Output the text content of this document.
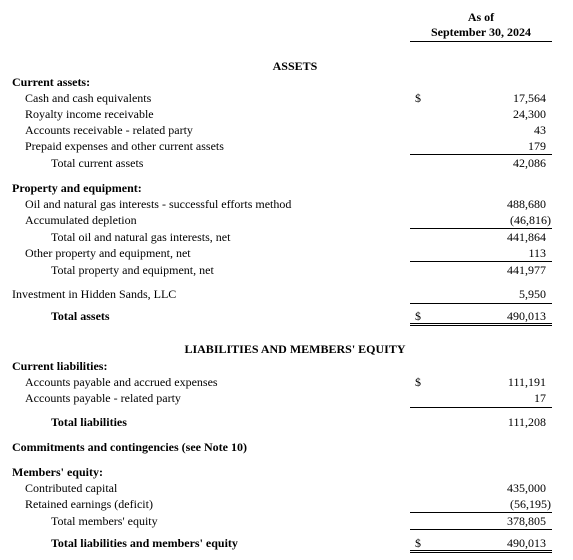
As of
September 30, 2024
ASSETS
Current assets:
Cash and cash equivalents	$	17,564
Royalty income receivable	24,300
Accounts receivable - related party	43
Prepaid expenses and other current assets	179
Total current assets	42,086
Property and equipment:
Oil and natural gas interests - successful efforts method	488,680
Accumulated depletion	(46,816)
Total oil and natural gas interests, net	441,864
Other property and equipment, net	113
Total property and equipment, net	441,977
Investment in Hidden Sands, LLC	5,950
Total assets	$	490,013
LIABILITIES AND MEMBERS' EQUITY
Current liabilities:
Accounts payable and accrued expenses	$	111,191
Accounts payable - related party	17
Total liabilities	111,208
Commitments and contingencies (see Note 10)
Members' equity:
Contributed capital	435,000
Retained earnings (deficit)	(56,195)
Total members' equity	378,805
Total liabilities and members' equity	$	490,013
